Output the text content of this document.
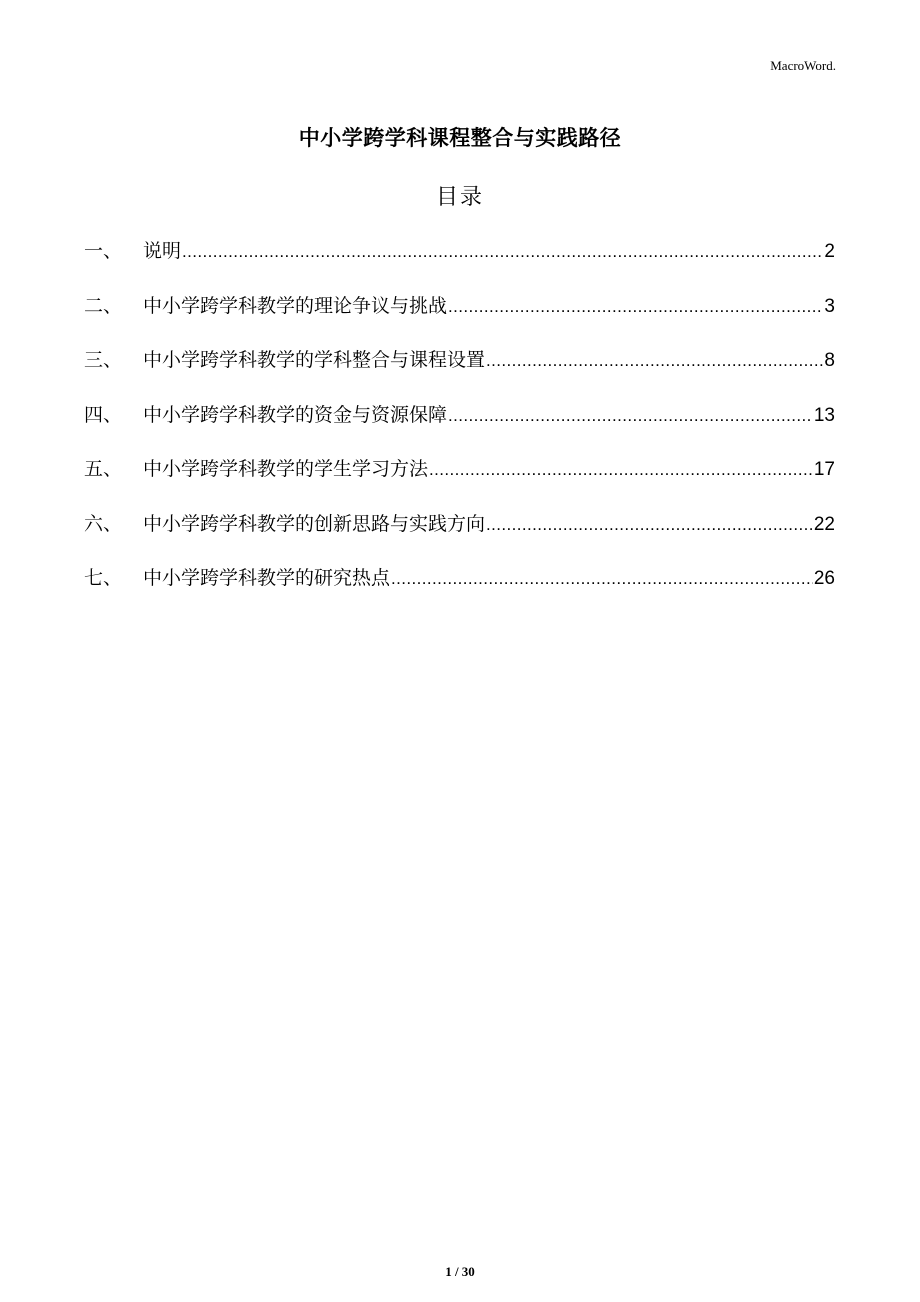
MacroWord.
中小学跨学科课程整合与实践路径
目录
一、	说明 .....	2
二、	中小学跨学科教学的理论争议与挑战 .....	3
三、	中小学跨学科教学的学科整合与课程设置 .....	8
四、	中小学跨学科教学的资金与资源保障 .....	13
五、	中小学跨学科教学的学生学习方法 .....	17
六、	中小学跨学科教学的创新思路与实践方向 .....	22
七、	中小学跨学科教学的研究热点 .....	26
1 / 30
